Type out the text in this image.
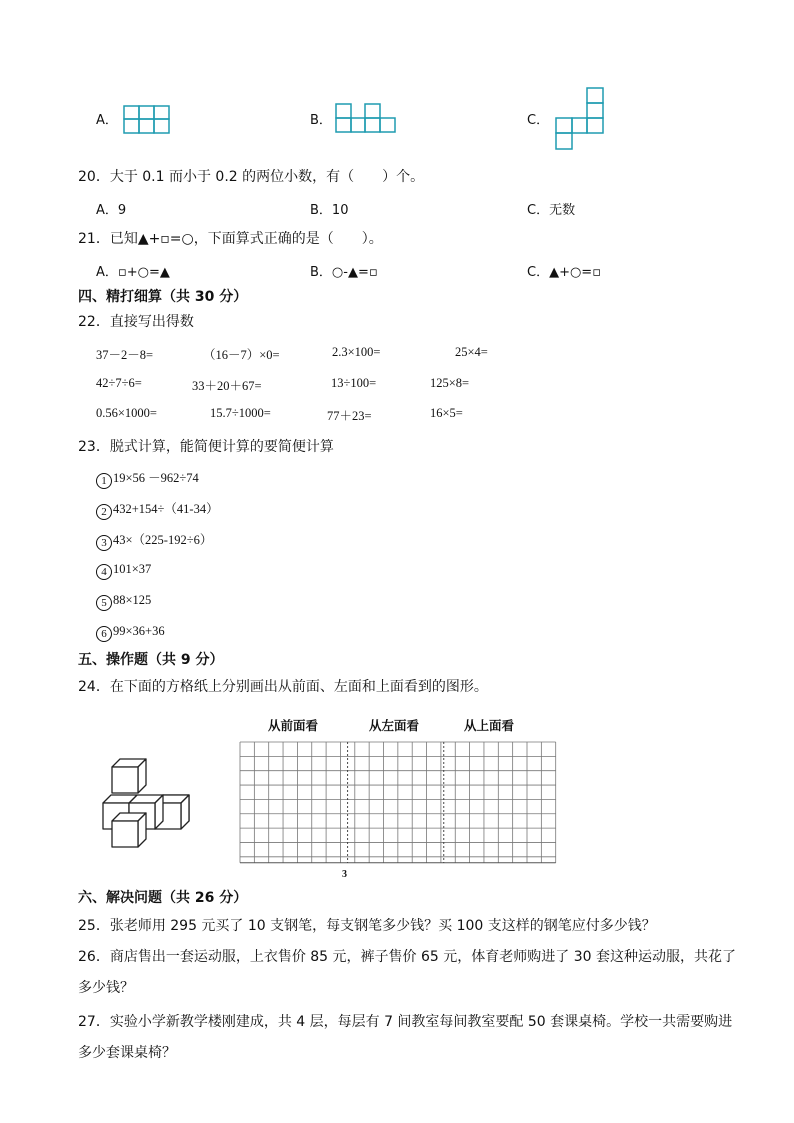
A．	B．	C．
20．大于 0.1 而小于 0.2 的两位小数，有（　　）个。
A．9	B．10	C．无数
21．已知▲+▫=○，下面算式正确的是（　　）。
A．▫+○=▲	B．○-▲=▫	C．▲+○=▫
四、精打细算（共 30 分）
22．直接写出得数
37－2－8=	（16－7）×0=	2.3×100=	25×4=
42÷7÷6=	33＋20＋67=	13÷100=	125×8=
0.56×1000=	15.7÷1000=	77＋23=	16×5=
23．脱式计算，能简便计算的要简便计算
1 19×56 －962÷74
2 432+154÷（41-34）
3 43×（225-192÷6）
4 101×37
5 88×125
6 99×36+36
五、操作题（共 9 分）
24．在下面的方格纸上分别画出从前面、左面和上面看到的图形。
从前面看	从左面看	从上面看
3
六、解决问题（共 26 分）
25．张老师用 295 元买了 10 支钢笔，每支钢笔多少钱？买 100 支这样的钢笔应付多少钱？
26．商店售出一套运动服，上衣售价 85 元，裤子售价 65 元，体育老师购进了 30 套这种运动服，共花了
多少钱？
27．实验小学新教学楼刚建成，共 4 层，每层有 7 间教室每间教室要配 50 套课桌椅。学校一共需要购进
多少套课桌椅？
